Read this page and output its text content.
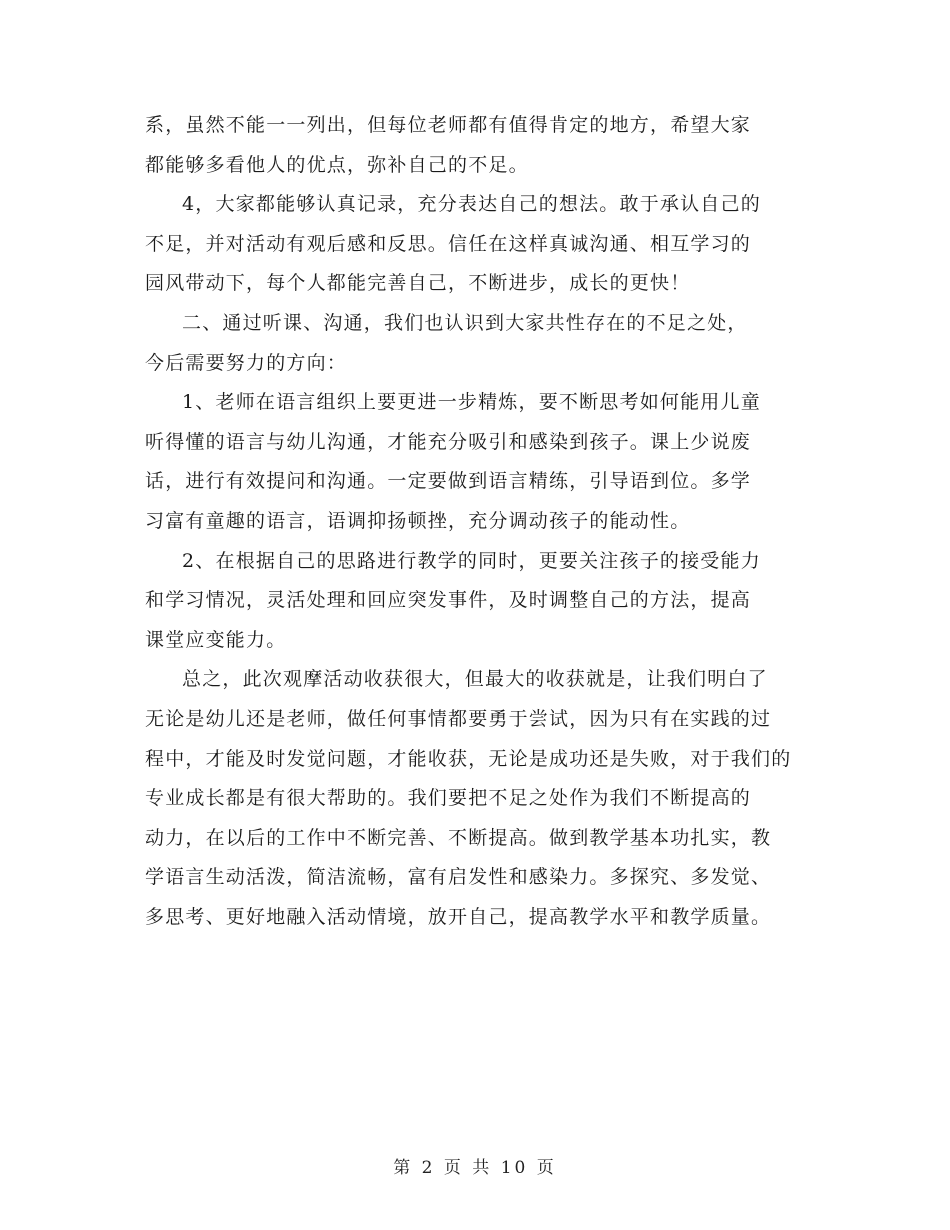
系，虽然不能一一列出，但每位老师都有值得肯定的地方，希望大家
都能够多看他人的优点，弥补自己的不足。
4，大家都能够认真记录，充分表达自己的想法。敢于承认自己的
不足，并对活动有观后感和反思。信任在这样真诚沟通、相互学习的
园风带动下，每个人都能完善自己，不断进步，成长的更快！
二、通过听课、沟通，我们也认识到大家共性存在的不足之处，
今后需要努力的方向：
1、老师在语言组织上要更进一步精炼，要不断思考如何能用儿童
听得懂的语言与幼儿沟通，才能充分吸引和感染到孩子。课上少说废
话，进行有效提问和沟通。一定要做到语言精练，引导语到位。多学
习富有童趣的语言，语调抑扬顿挫，充分调动孩子的能动性。
2、在根据自己的思路进行教学的同时，更要关注孩子的接受能力
和学习情况，灵活处理和回应突发事件，及时调整自己的方法，提高
课堂应变能力。
总之，此次观摩活动收获很大，但最大的收获就是，让我们明白了
无论是幼儿还是老师，做任何事情都要勇于尝试，因为只有在实践的过
程中，才能及时发觉问题，才能收获，无论是成功还是失败，对于我们的
专业成长都是有很大帮助的。我们要把不足之处作为我们不断提高的
动力，在以后的工作中不断完善、不断提高。做到教学基本功扎实，教
学语言生动活泼，简洁流畅，富有启发性和感染力。多探究、多发觉、
多思考、更好地融入活动情境，放开自己，提高教学水平和教学质量。
第 2 页 共 10 页
